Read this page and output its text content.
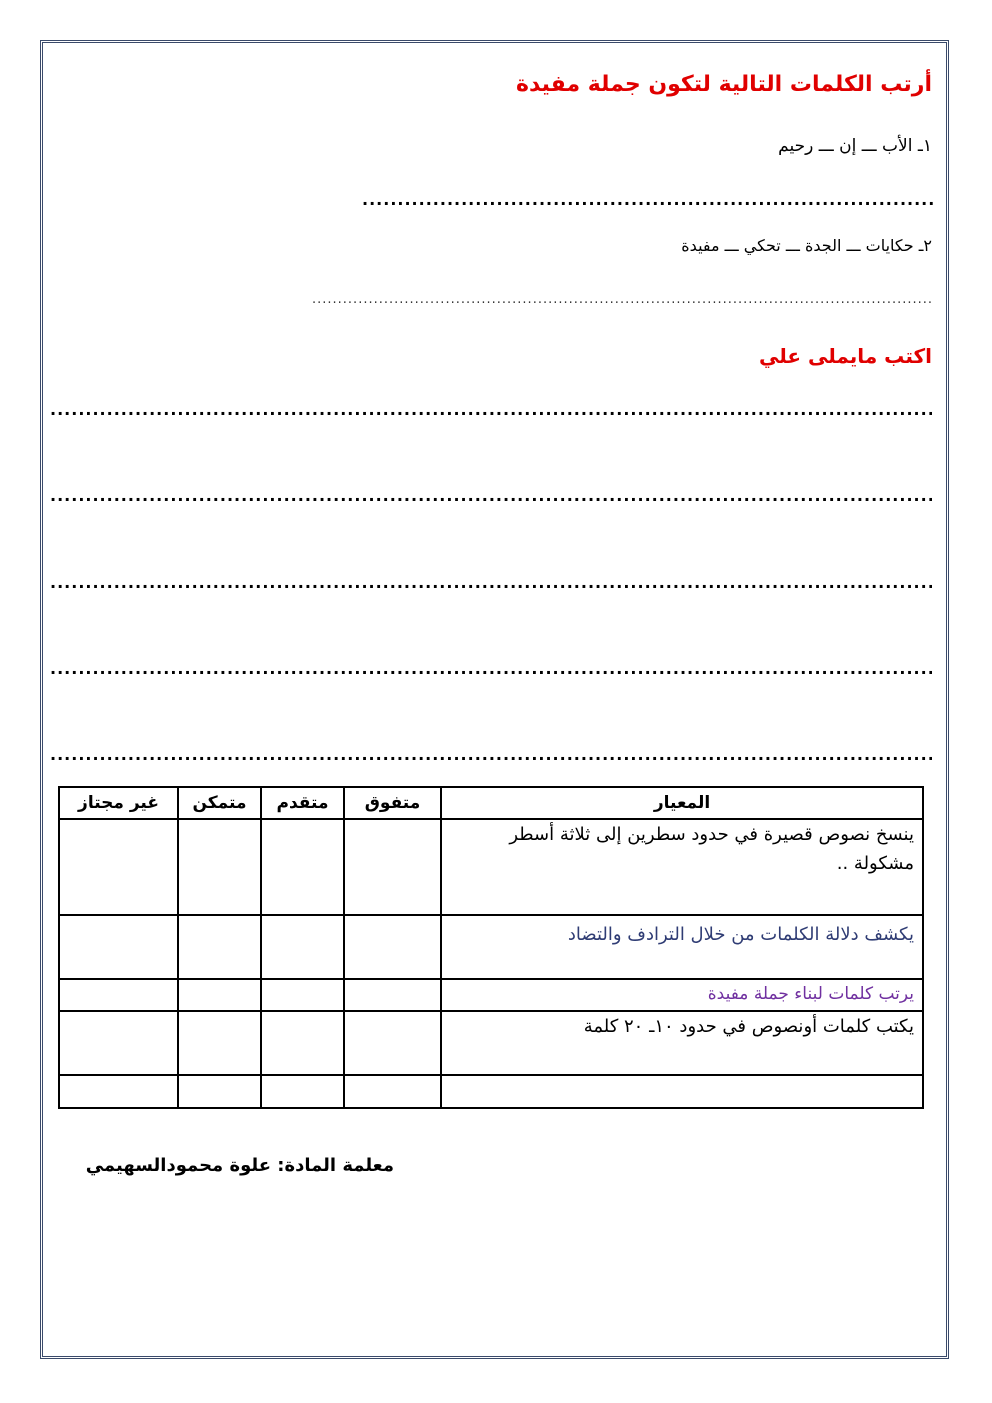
أرتب الكلمات التالية لتكون جملة مفيدة
١ـ الأب ـــ إن ـــ رحيم
.....
٢ـ حكايات ـــ الجدة ـــ تحكي ـــ مفيدة
.....
اكتب مايملى علي
.....
.....
.....
.....
.....
المعيار	متفوق	متقدم	متمكن	غير مجتاز
ينسخ نصوص قصيرة في حدود سطرين إلى ثلاثة أسطر مشكولة ..				
يكشف دلالة الكلمات من خلال الترادف والتضاد				
يرتب كلمات لبناء جملة مفيدة				
يكتب كلمات أونصوص في حدود ١٠ـ ٢٠ كلمة				

معلمة المادة: علوة محمودالسهيمي
